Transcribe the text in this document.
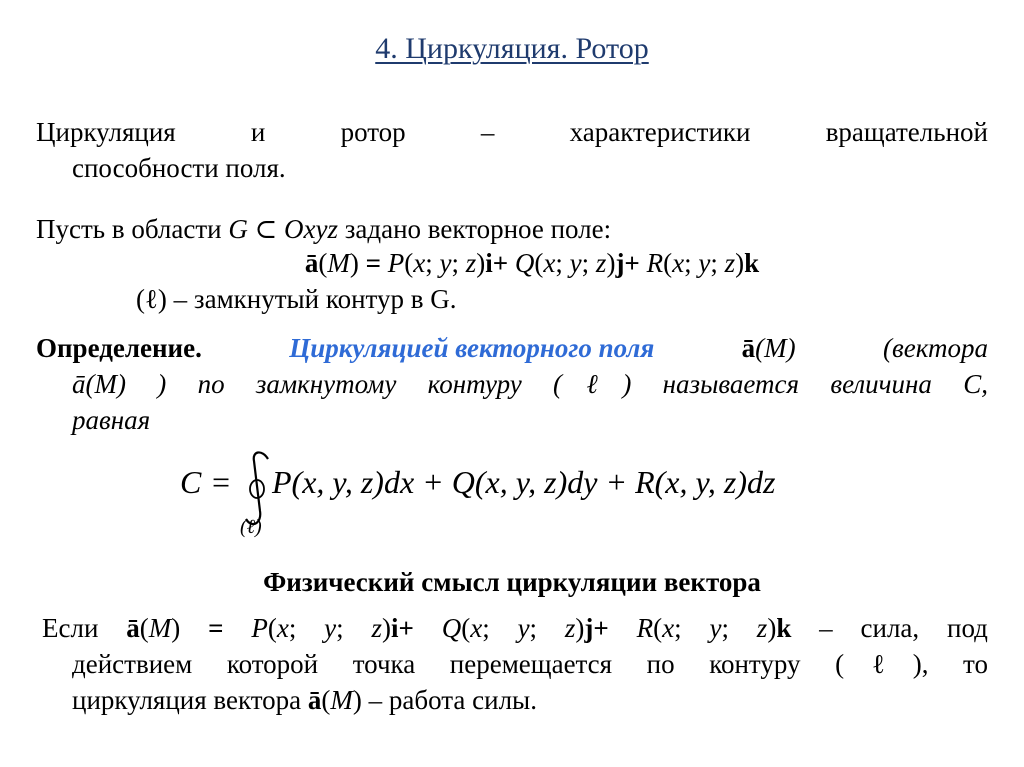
4. Циркуляция. Ротор
Циркуляция	и	ротор	–	характеристики	вращательной
способности поля.
Пусть в области G ⊂ Oxyz задано векторное поле:
ā(M) = P(x; y; z)i+ Q(x; y; z)j+ R(x; y; z)k
(ℓ) – замкнутый контур в G.
Определение.	Циркуляцией векторного поля	ā(M)	(вектора
ā(M) ) по замкнутому контуру (ℓ) называется величина C,
равная
C = P(x, y, z)dx + Q(x, y, z)dy + R(x, y, z)dz
(ℓ)
Физический смысл циркуляции вектора
Если ā(M) = P(x; y; z)i+ Q(x; y; z)j+ R(x; y; z)k – сила, под
действием которой точка перемещается по контуру (ℓ), то
циркуляция вектора ā(M) – работа силы.
